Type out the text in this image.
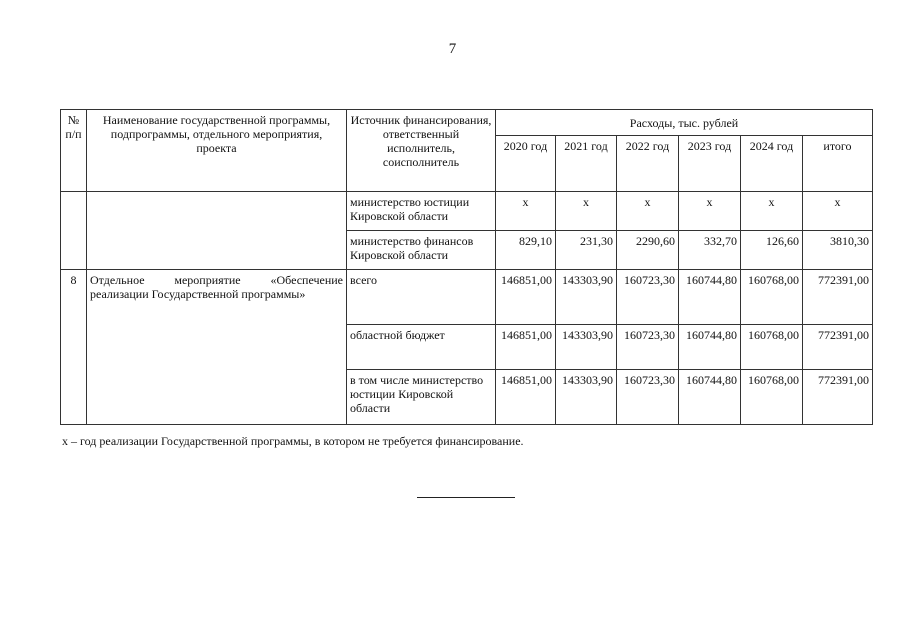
7
№ п/п	Наименование государственной программы, подпрограммы, отдельного мероприятия, проекта	Источник финансирования, ответственный исполнитель, соисполнитель	Расходы, тыс. рублей					
			2020 год	2021 год	2022 год	2023 год	2024 год	итого
		министерство юстиции Кировской области	х	х	х	х	х	х
		министерство финансов Кировской области	829,10	231,30	2290,60	332,70	126,60	3810,30
8	Отдельное мероприятие «Обеспечение
реализации Государственной программы»	всего	146851,00	143303,90	160723,30	160744,80	160768,00	772391,00
		областной бюджет	146851,00	143303,90	160723,30	160744,80	160768,00	772391,00
		в том числе министерство юстиции Кировской области	146851,00	143303,90	160723,30	160744,80	160768,00	772391,00
х – год реализации Государственной программы, в котором не требуется финансирование.
